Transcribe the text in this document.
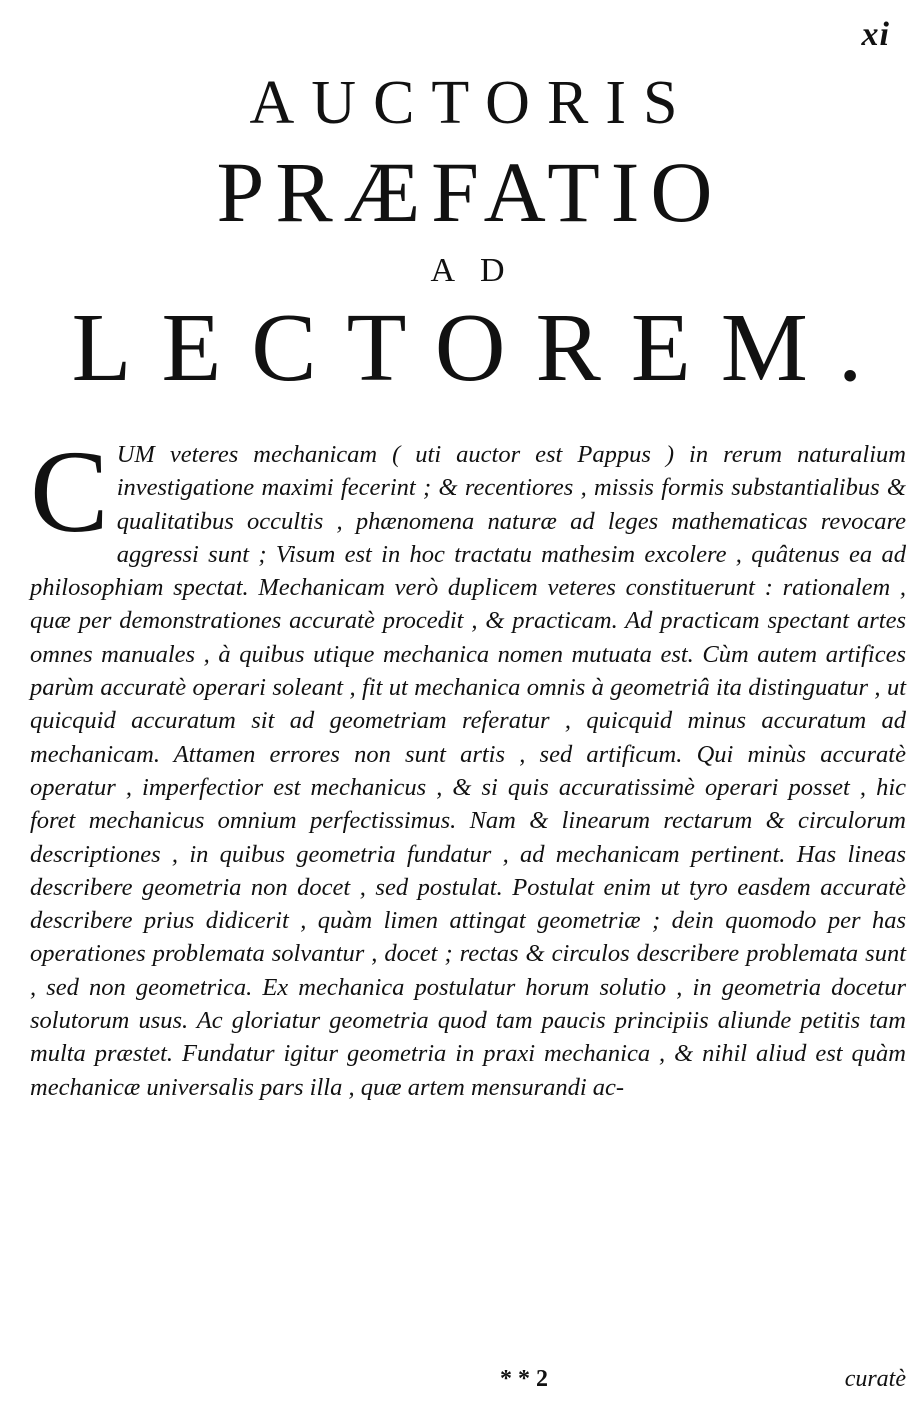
xi
AUCTORIS
PRÆFATIO
AD
LECTOREM.
C UM veteres mechanicam ( uti auctor est Pappus ) in rerum naturalium investigatione maximi fecerint ; & recentiores , missis formis substantialibus & qualitatibus occultis , phænomena naturæ ad leges mathematicas revocare aggressi sunt ; Visum est in hoc tractatu mathesim excolere , quâtenus ea ad philosophiam spectat. Mechanicam verò duplicem veteres constituerunt : rationalem , quæ per demonstrationes accuratè procedit , & practicam. Ad practicam spectant artes omnes manuales , à quibus utique mechanica nomen mutuata est. Cùm autem artifices parùm accuratè operari soleant , fit ut mechanica omnis à geometriâ ita distinguatur , ut quicquid accuratum sit ad geometriam referatur , quicquid minus accuratum ad mechanicam. Attamen errores non sunt artis , sed artificum. Qui minùs accuratè operatur , imperfectior est mechanicus , & si quis accuratissimè operari posset , hic foret mechanicus omnium perfectissimus. Nam & linearum rectarum & circulorum descriptiones , in quibus geometria fundatur , ad mechanicam pertinent. Has lineas describere geometria non docet , sed postulat. Postulat enim ut tyro easdem accuratè describere prius didicerit , quàm limen attingat geometriæ ; dein quomodo per has operationes problemata solvantur , docet ; rectas & circulos describere problemata sunt , sed non geometrica. Ex mechanica postulatur horum solutio , in geometria docetur solutorum usus. Ac gloriatur geometria quod tam paucis principiis aliunde petitis tam multa præstet. Fundatur igitur geometria in praxi mechanica , & nihil aliud est quàm mechanicæ universalis pars illa , quæ artem mensurandi ac-
* * 2	curatè
